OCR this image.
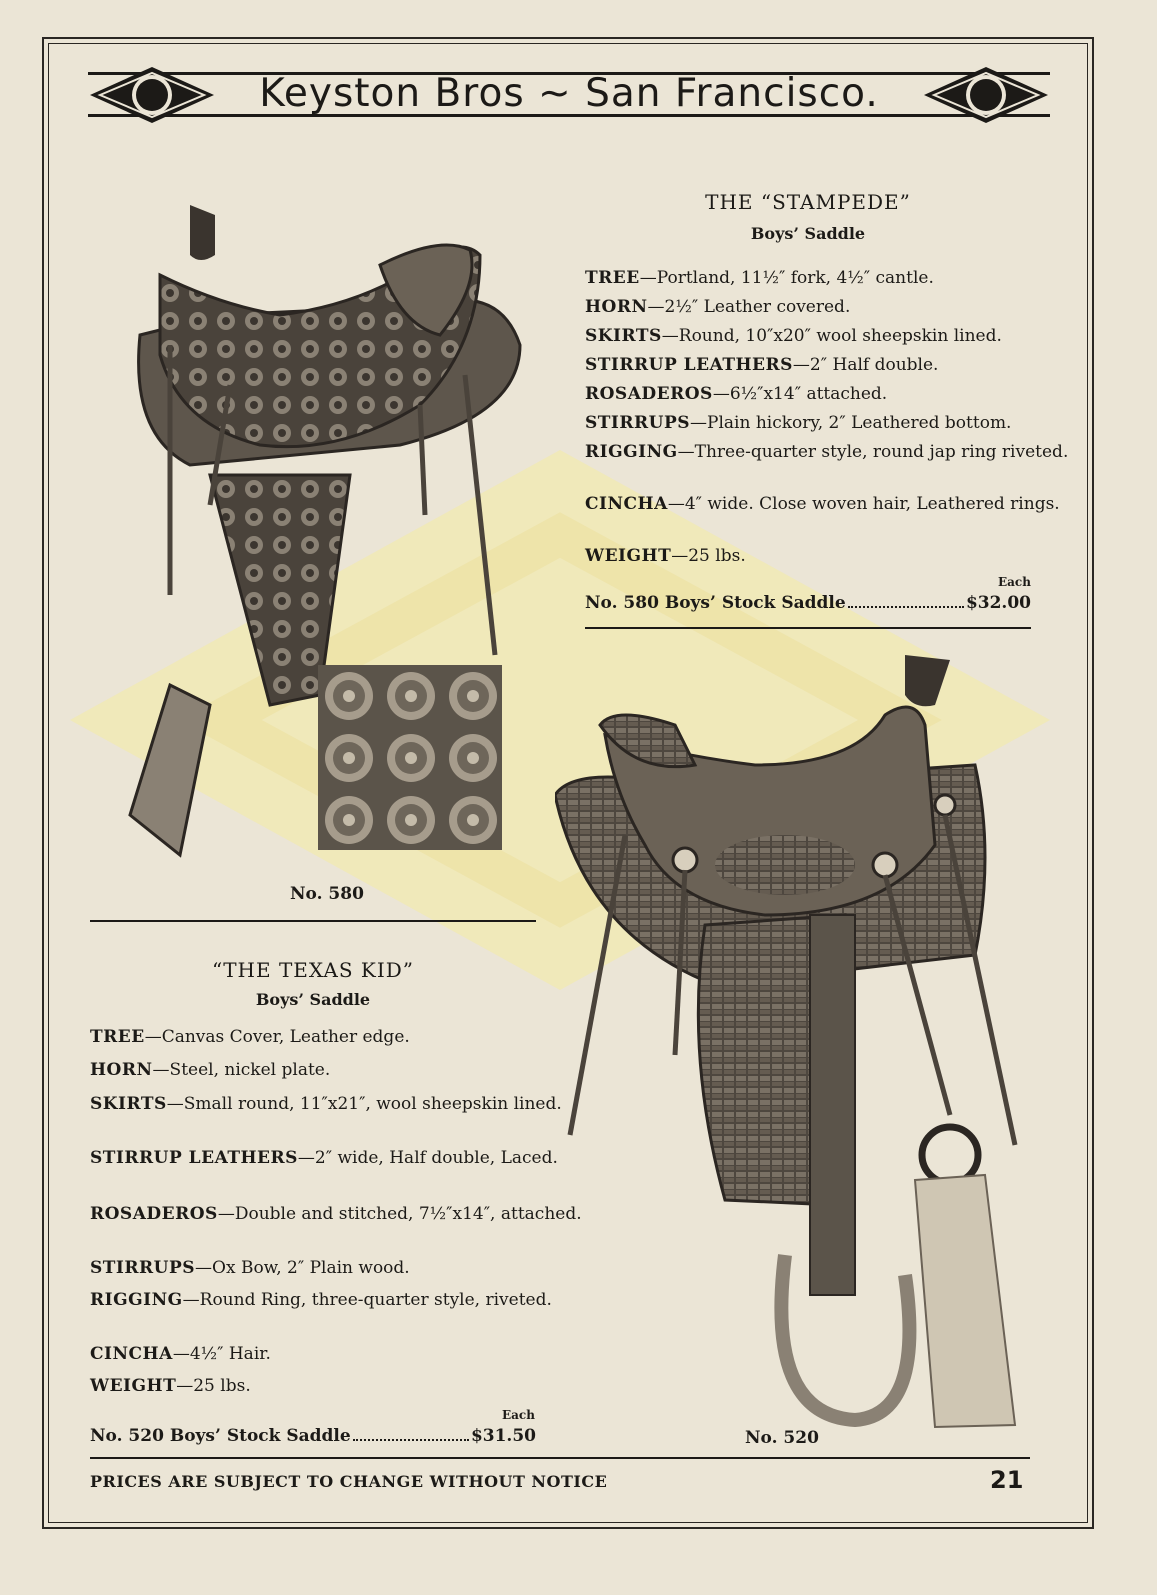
Keyston Bros ~ San Francisco.
No. 580
THE “STAMPEDE”
Boys’ Saddle
TREE—Portland, 11½″ fork, 4½″ cantle.
HORN—2½″ Leather covered.
SKIRTS—Round, 10″x20″ wool sheepskin lined.
STIRRUP LEATHERS—2″ Half double.
ROSADEROS—6½″x14″ attached.
STIRRUPS—Plain hickory, 2″ Leathered bottom.
RIGGING—Three-quarter style, round jap ring riveted.
CINCHA—4″ wide. Close woven hair, Leathered rings.
WEIGHT—25 lbs.
Each
No. 580 Boys’ Stock Saddle	$32.00
“THE TEXAS KID”
Boys’ Saddle
TREE—Canvas Cover, Leather edge.
HORN—Steel, nickel plate.
SKIRTS—Small round, 11″x21″, wool sheepskin lined.
STIRRUP LEATHERS—2″ wide, Half double, Laced.
ROSADEROS—Double and stitched, 7½″x14″, attached.
STIRRUPS—Ox Bow, 2″ Plain wood.
RIGGING—Round Ring, three-quarter style, riveted.
CINCHA—4½″ Hair.
WEIGHT—25 lbs.
Each
No. 520 Boys’ Stock Saddle	$31.50	No. 520
PRICES ARE SUBJECT TO CHANGE WITHOUT NOTICE	21
